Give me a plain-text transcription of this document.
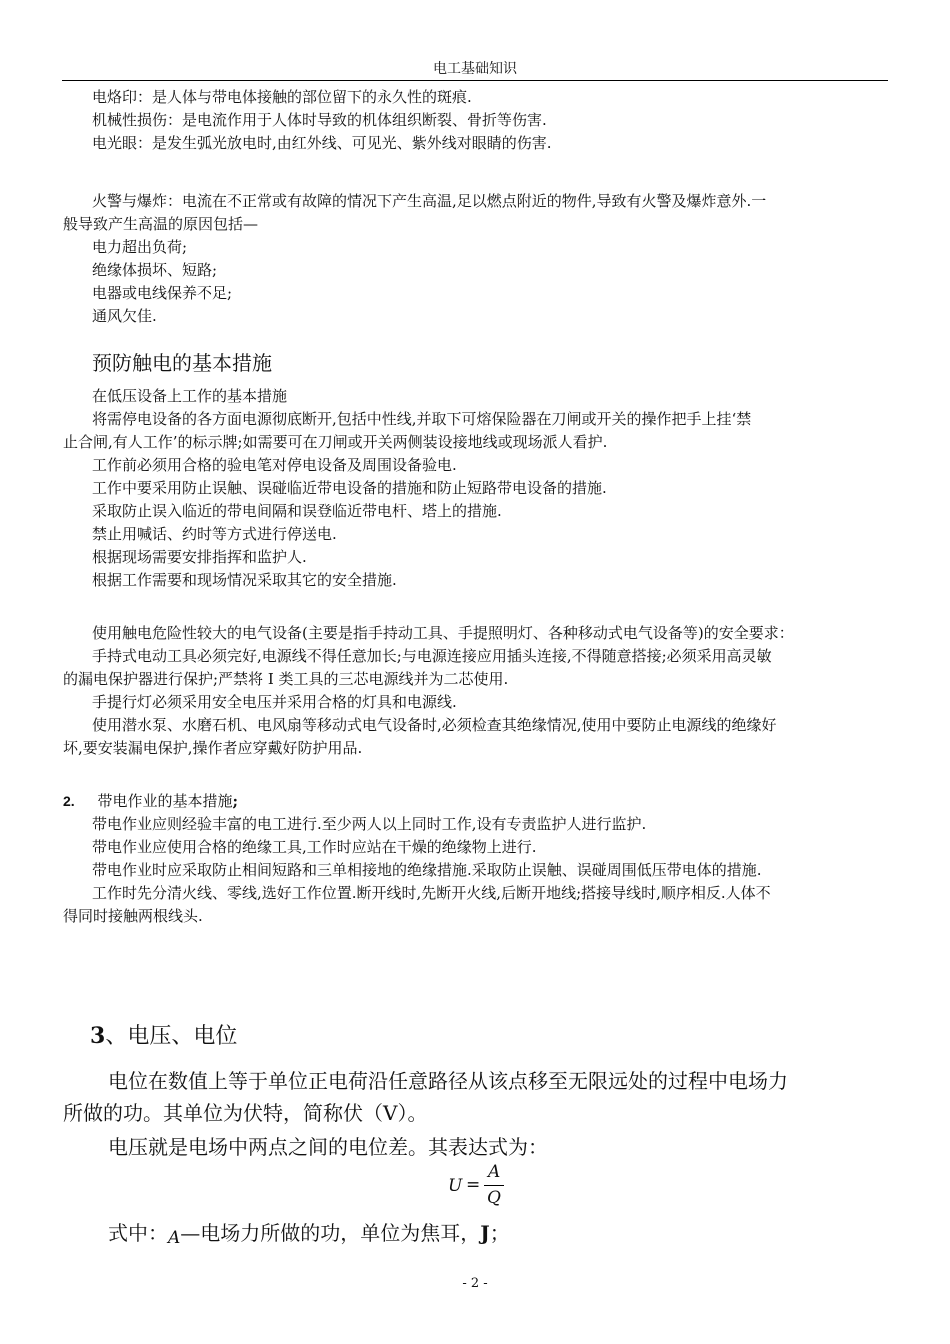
电工基础知识
电烙印：是人体与带电体接触的部位留下的永久性的斑痕.
机械性损伤：是电流作用于人体时导致的机体组织断裂、骨折等伤害.
电光眼：是发生弧光放电时,由红外线、可见光、紫外线对眼睛的伤害.
火警与爆炸：电流在不正常或有故障的情况下产生高温,足以燃点附近的物件,导致有火警及爆炸意外.一
般导致产生高温的原因包括—
电力超出负荷;
绝缘体损坏、短路;
电器或电线保养不足;
通风欠佳.
预防触电的基本措施
在低压设备上工作的基本措施
将需停电设备的各方面电源彻底断开,包括中性线,并取下可熔保险器在刀闸或开关的操作把手上挂‘禁
止合闸,有人工作’的标示牌;如需要可在刀闸或开关两侧装设接地线或现场派人看护.
工作前必须用合格的验电笔对停电设备及周围设备验电.
工作中要采用防止误触、误碰临近带电设备的措施和防止短路带电设备的措施.
采取防止误入临近的带电间隔和误登临近带电杆、塔上的措施.
禁止用喊话、约时等方式进行停送电.
根据现场需要安排指挥和监护人.
根据工作需要和现场情况采取其它的安全措施.
使用触电危险性较大的电气设备(主要是指手持动工具、手提照明灯、各种移动式电气设备等)的安全要求：
手持式电动工具必须完好,电源线不得任意加长;与电源连接应用插头连接,不得随意搭接;必须采用高灵敏
的漏电保护器进行保护;严禁将 I 类工具的三芯电源线并为二芯使用.
手提行灯必须采用安全电压并采用合格的灯具和电源线.
使用潜水泵、水磨石机、电风扇等移动式电气设备时,必须检查其绝缘情况,使用中要防止电源线的绝缘好
坏,要安装漏电保护,操作者应穿戴好防护用品.
2. 带电作业的基本措施;
带电作业应则经验丰富的电工进行.至少两人以上同时工作,设有专责监护人进行监护.
带电作业应使用合格的绝缘工具,工作时应站在干燥的绝缘物上进行.
带电作业时应采取防止相间短路和三单相接地的绝缘措施.采取防止误触、误碰周围低压带电体的措施.
工作时先分清火线、零线,选好工作位置.断开线时,先断开火线,后断开地线;搭接导线时,顺序相反.人体不
得同时接触两根线头.
3、电压、电位
电位在数值上等于单位正电荷沿任意路径从该点移至无限远处的过程中电场力
所做的功。其单位为伏特，简称伏（V）。
电压就是电场中两点之间的电位差。其表达式为：
U =
A
Q
式中：A—电场力所做的功，单位为焦耳，J；
- 2 -
